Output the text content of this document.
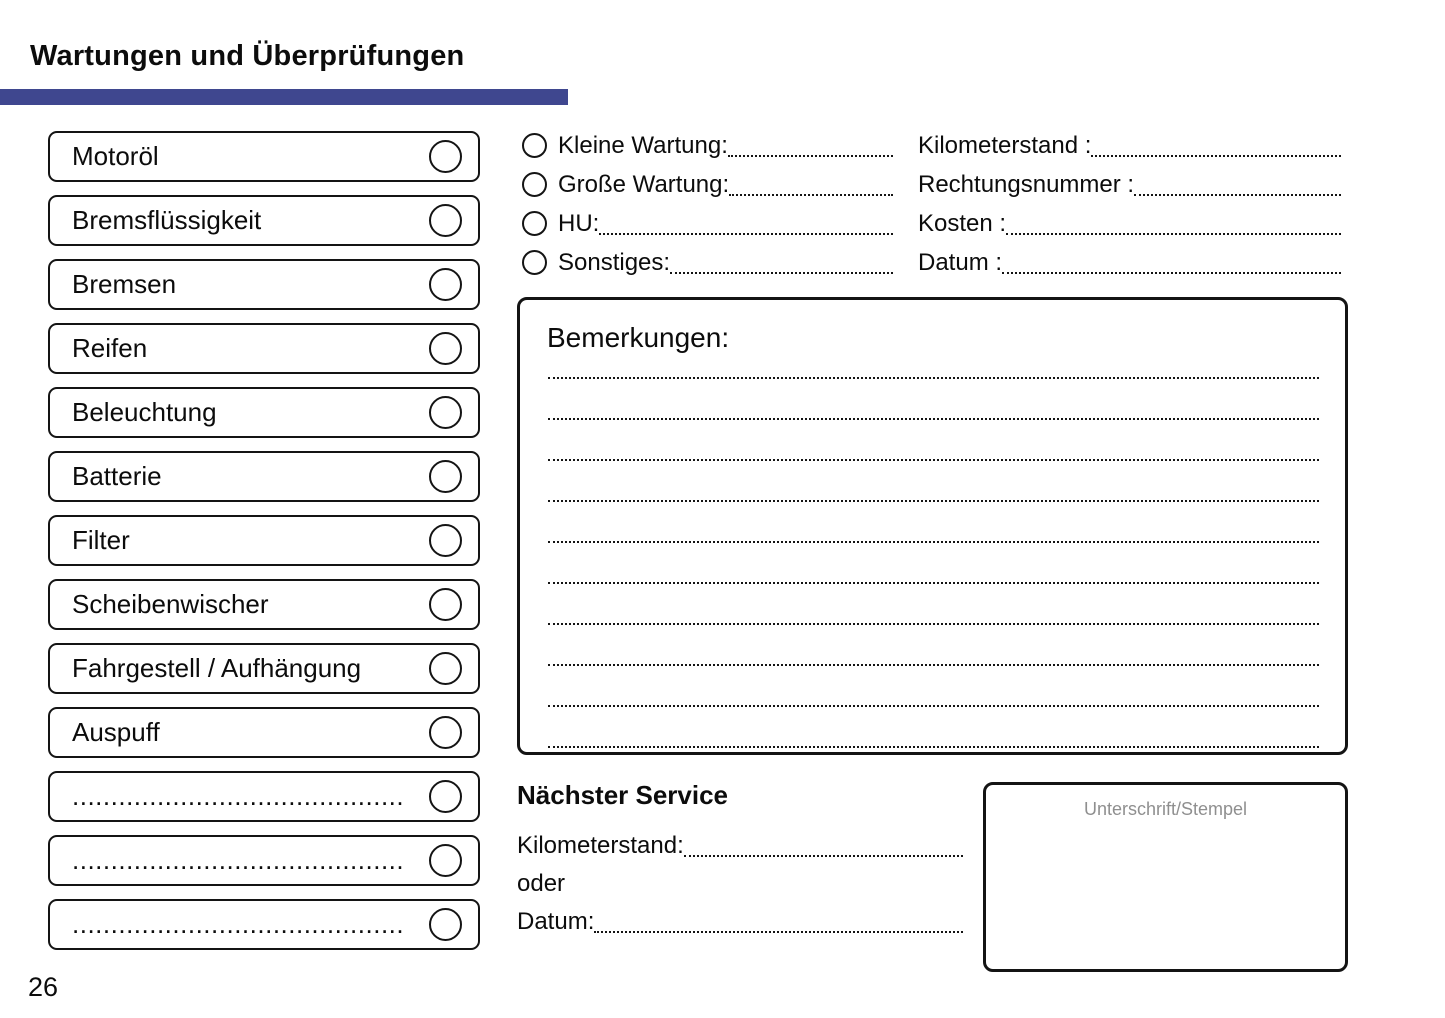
Wartungen und Überprüfungen
Motoröl
Bremsflüssigkeit
Bremsen
Reifen
Beleuchtung
Batterie
Filter
Scheibenwischer
Fahrgestell / Aufhängung
Auspuff
...........................................
...........................................
...........................................
Kleine Wartung:
Große Wartung:
HU:
Sonstiges:
Kilometerstand :
Rechtungsnummer :
Kosten :
Datum :
Bemerkungen:
Nächster Service
Kilometerstand:
oder
Datum:
Unterschrift/Stempel
26
